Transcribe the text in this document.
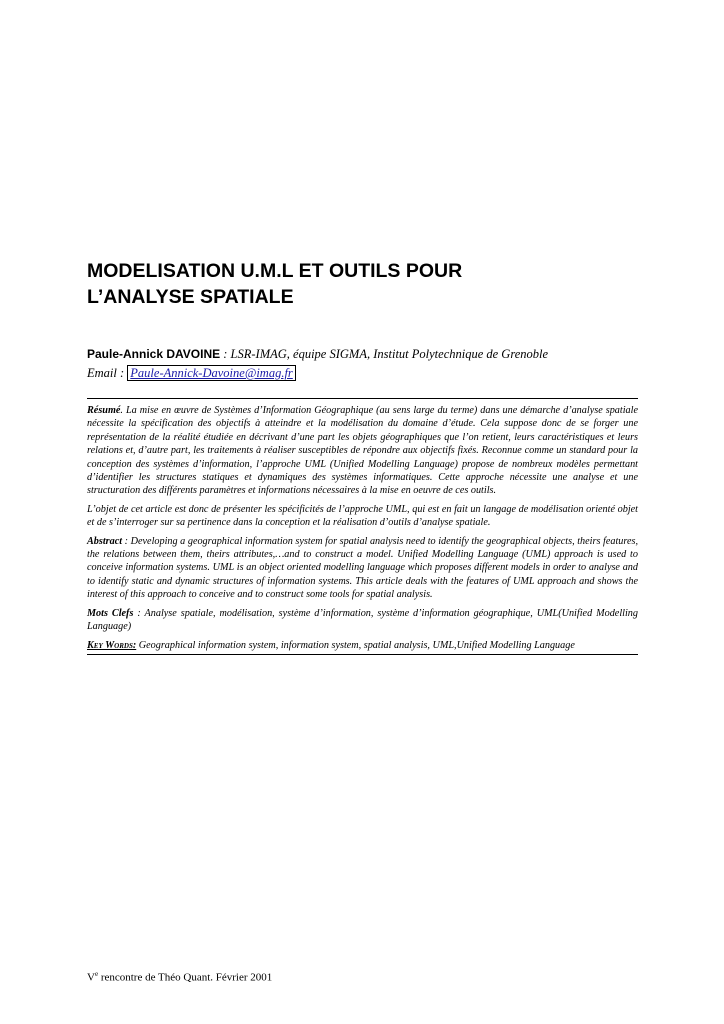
MODELISATION U.M.L ET OUTILS POUR
L’ANALYSE SPATIALE
Paule-Annick DAVOINE : LSR-IMAG, équipe SIGMA, Institut Polytechnique de Grenoble
Email : Paule-Annick-Davoine@imag.fr

Résumé. La mise en œuvre de Systèmes d’Information Géographique (au sens large du terme) dans une démarche d’analyse spatiale nécessite la spécification des objectifs à atteindre et la modélisation du domaine d’étude. Cela suppose donc de se forger une représentation de la réalité étudiée en décrivant d’une part les objets géographiques que l’on retient, leurs caractéristiques et leurs relations et, d’autre part, les traitements à réaliser susceptibles de répondre aux objectifs fixés. Reconnue comme un standard pour la conception des systèmes d’information, l’approche UML (Unified Modelling Language) propose de nombreux modèles permettant d’identifier les structures statiques et dynamiques des systèmes informatiques. Cette approche nécessite une analyse et une structuration des différents paramètres et informations nécessaires à la mise en oeuvre de ces outils.

L’objet de cet article est donc de présenter les spécificités de l’approche UML, qui est en fait un langage de modélisation orienté objet et de s’interroger sur sa pertinence dans la conception et la réalisation d’outils d’analyse spatiale.

Abstract : Developing a geographical information system for spatial analysis need to identify the geographical objects, theirs features, the relations between them, theirs attributes,…and to construct a model. Unified Modelling Language (UML) approach is used to conceive information systems. UML is an object oriented modelling language which proposes different models in order to analyse and to identify static and dynamic structures of information systems. This article deals with the features of UML approach and shows the interest of this approach to conceive and to construct some tools for spatial analysis.

Mots Clefs : Analyse spatiale, modélisation, système d’information, système d’information géographique, UML(Unified Modelling Language)

Key Words: Geographical information system, information system, spatial analysis, UML,Unified Modelling Language

Ve rencontre de Théo Quant. Février 2001
